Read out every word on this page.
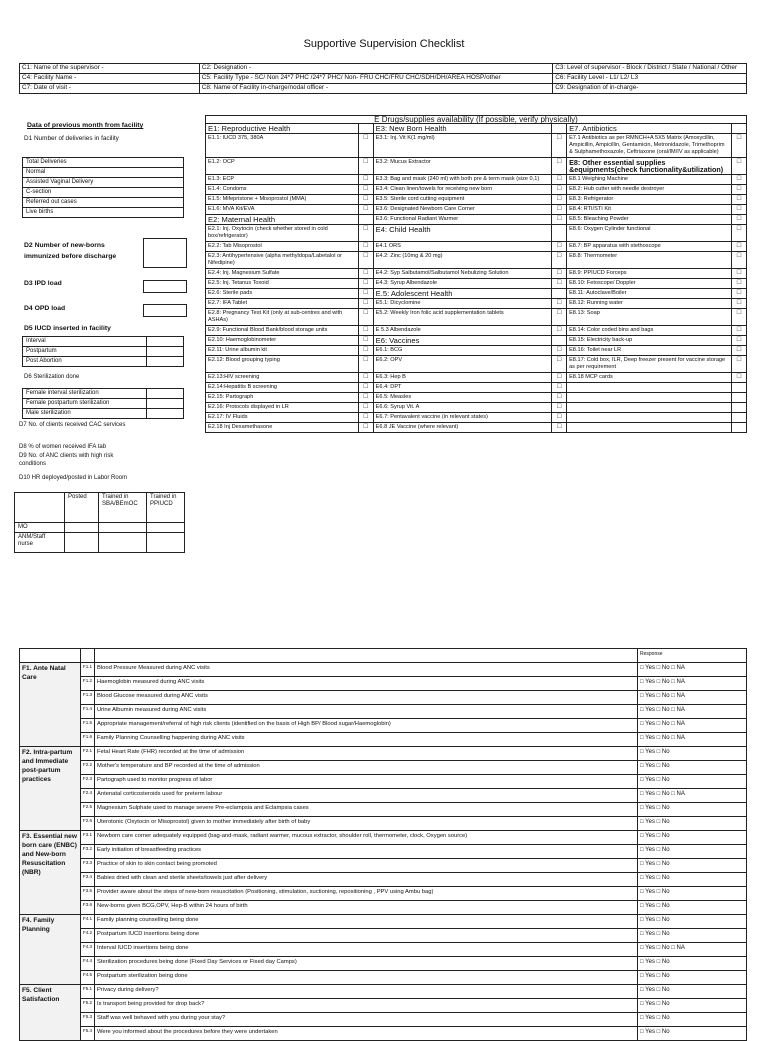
Supportive Supervision Checklist
C1: Name of the supervisor -	C2: Designation -	C3: Level of supervisor - Block / District / State / National / Other
C4: Facility Name -	C5: Facility Type - SC/ Non 24*7 PHC /24*7 PHC/ Non- FRU CHC/FRU CHC/SDH/DH/AREA HOSP/other	C6: Facility Level - L1/ L2/ L3
C7: Date of visit -	C8: Name of Facility in-charge/nodal officer -	C9: Designation of in-charge-
Data of previous month from facility
D1 Number of deliveries in facility
Total Deliveries
Normal
Assisted Vaginal Delivery
C-section
Referred out cases
Live births
D2 Number of new-borns immunized before discharge
D3 IPD load
D4 OPD load
D5 IUCD inserted in facility
Interval	
Postpartum	
Post Abortion	
D6 Sterilization done
Female interval sterilization	
Female postpartum sterilization	
Male sterilization	
D7 No. of clients received CAC services
D8 % of women received IFA tab
D9 No. of ANC clients with high risk conditions
D10 HR deployed/posted in Labor Room
	Posted	Trained in SBA/BEmOC	Trained in PPIUCD
MO			
ANM/Staff nurse			
E Drugs/supplies availability (If possible, verify physically)					
E1: Reproductive Health		E3: New Born Health		E7. Antibiotics	
E1.1: IUCD 375, 380A	□	E3.1: Inj. Vit K(1 mg/ml)	□	E7.1 Antibiotics as per RMNCH+A 5X5 Matrix (Amoxycillin, Ampicillin, Ampicillin, Gentamicin, Metronidazole, Trimethoprim & Sulphamethoxazole, Ceftriaxone (oral/IM/IV as applicable)	□
E1.2: OCP	□	E3.2: Mucus Extractor	□	E8: Other essential supplies &equipments(check functionality&utilization)	□
E1.3: ECP	□	E3.3: Bag and mask (240 ml) with both pre & term mask (size 0,1)	□	E8.1 Weighing Machine	□
E1.4: Condoms	□	E3.4: Clean linen/towels for receiving new born	□	E8.2: Hub cutter with needle destroyer	□
E1.5: Mifepristone + Misoprostol (MMA)	□	E3.5: Sterile cord cutting equipment	□	E8.3: Refrigerator	□
E1.6: MVA Kit/EVA	□	E3.6: Designated Newborn Care Corner	□	E8.4: RTI/STI Kit	□
E2: Maternal Health		E3.6: Functional Radiant Warmer	□	E8.5: Bleaching Powder	□
E2.1: Inj. Oxytocin (check whether stored in cold box/refrigerator)	□	E4: Child Health		E8.6: Oxygen Cylinder functional	□
E2.2: Tab Misoprostol	□	E4.1 ORS	□	E8.7: BP apparatus with stethoscope	□
E2.3: Antihypertensive (alpha methyldopa/Labetalol or Nifedipine)	□	E4.2: Zinc (10mg & 20 mg)	□	E8.8: Thermometer	□
E2.4: Inj. Magnesium Sulfate	□	E4.2: Syp Salbutamol/Salbutamol Nebulizing Solution	□	E8.9: PPIUCD Forceps	□
E2.5: Inj. Tetanus Toxoid	□	E4.3: Syrup Albendazole	□	E8.10: Fetoscope/ Doppler	□
E2.6: Sterile pads	□	E.5: Adolescent Health		E8.11: Autoclave/Boiler	□
E2.7: IFA Tablet	□	E5.1: Dicyclomine	□	E8.12: Running water	□
E2.8: Pregnancy Test Kit (only at sub-centres and with ASHAs)	□	E5.2: Weekly Iron folic acid supplementation tablets	□	E8.13: Soap	□
E2.9: Functional Blood Bank/blood storage units	□	E 5.3 Albendazole	□	E8.14: Color coded bins and bags	□
E2.10: Haemoglobinometer	□	E6: Vaccines		E8.15: Electricity back-up	□
E2.11: Urine albumin kit	□	E6.1: BCG	□	E8.16: Toilet near LR	□
E2.12: Blood grouping typing	□	E6.2: OPV	□	E8.17: Cold box, ILR, Deep freezer present for vaccine storage as per requirement	□
E2.13:HIV screening	□	E6.3: Hep B	□	E8.18 MCP cards	□
E2.14:Hepatitis B screening	□	E6.4: DPT	□		
E2.15: Partograph	□	E6.5: Measles	□		
E2.16: Protocols displayed in LR	□	E6.6: Syrup Vit. A	□		
E2.17: IV Fluids	□	E6.7: Pentavalent vaccine (in relevant states)	□		
E2.18 Inj Dexamethasone	□	E6.8 JE Vaccine (where relevant)	□		
			Response
F1. Ante Natal Care	F1.1	Blood Pressure Measured during ANC visits	□ Yes □ No □ NA
	F1.2	Haemoglobin measured during ANC visits	□ Yes □ No □ NA
	F1.3	Blood Glucose measured during ANC visits	□ Yes □ No □ NA
	F1.4	Urine Albumin measured during ANC visits	□ Yes □ No □ NA
	F1.5	Appropriate management/referral of high risk clients (identified on the basis of High BP/ Blood sugar/Haemoglobin)	□ Yes □ No □ NA
	F1.6	Family Planning Counselling happening during ANC visits	□ Yes □ No □ NA
F2. Intra-partum and Immediate post-partum practices	F2.1	Fetal Heart Rate (FHR) recorded at the time of admission	□ Yes □ No
	F2.2	Mother's temperature and BP recorded at the time of admission	□ Yes □ No
	F2.3	Partograph used to monitor progress of labor	□ Yes □ No
	F2.4	Antenatal corticosteroids used for preterm labour	□ Yes □ No □ NA
	F2.5	Magnesium Sulphate used to manage severe Pre-eclampsia and Eclampsia cases	□ Yes □ No
	F2.6	Uterotonic (Oxytocin or Misoprostol) given to mother immediately after birth of baby	□ Yes □ No
F3. Essential new born care (ENBC) and New-born Resuscitation (NBR)	F3.1	Newborn care corner adequately equipped (bag-and-mask, radiant warmer, mucous extractor, shoulder roll, thermometer, clock, Oxygen source)	□ Yes □ No
	F3.2	Early initiation of breastfeeding practices	□ Yes □ No
	F3.3	Practice of skin to skin contact being promoted	□ Yes □ No
	F3.4	Babies dried with clean and sterile sheets/towels just after delivery	□ Yes □ No
	F3.5	Provider aware about the steps of new-born resuscitation (Positioning, stimulation, suctioning, repositioning , PPV using Ambu bag)	□ Yes □ No
	F3.6	New-borns given BCG,OPV, Hep-B within 24 hours of birth	□ Yes □ No
F4. Family Planning	F4.1	Family planning counselling being done	□ Yes □ No
	F4.2	Postpartum IUCD insertions being done	□ Yes □ No
	F4.3	Interval IUCD insertions being done	□ Yes □ No □ NA
	F4.4	Sterilization procedures being done (Fixed Day Services or Fixed day Camps)	□ Yes □ No
	F4.5	Postpartum sterilization being done	□ Yes □ No
F5. Client Satisfaction	F5.1	Privacy during delivery?	□ Yes □ No
	F5.2	Is transport being provided for drop back?	□ Yes □ No
	F5.3	Staff was well behaved with you during your stay?	□ Yes □ No
	F5.4	Were you informed about the procedures before they were undertaken	□ Yes □ No
